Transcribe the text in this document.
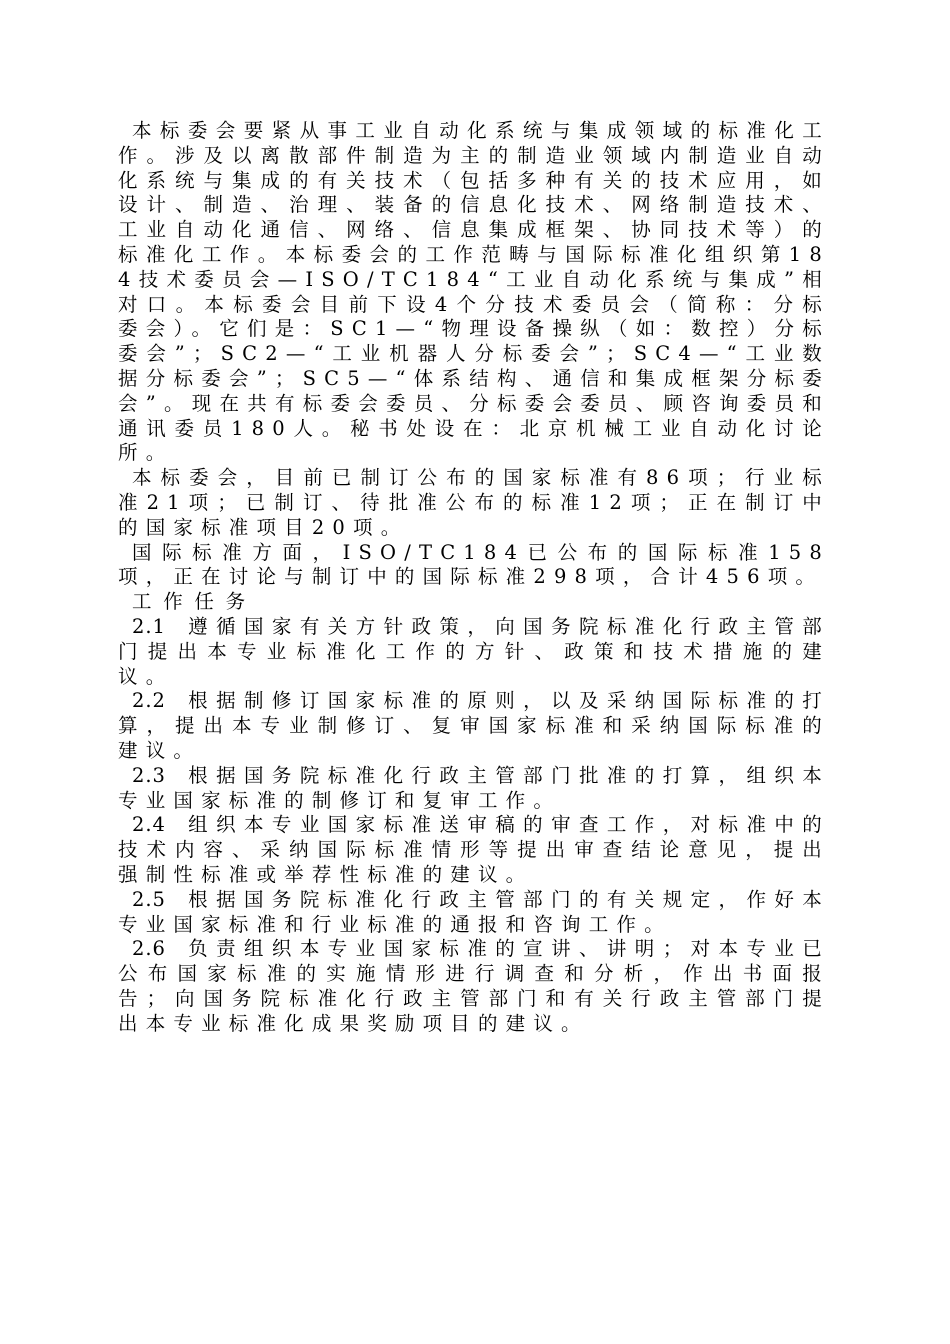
本标委会要紧从事工业自动化系统与集成领域的标准化工作。涉及以离散部件制造为主的制造业领域内制造业自动化系统与集成的有关技术（包括多种有关的技术应用，如设计、制造、治理、装备的信息化技术、网络制造技术、工业自动化通信、网络、信息集成框架、协同技术等）的标准化工作。本标委会的工作范畴与国际标准化组织第184技术委员会—ISO/TC184“工业自动化系统与集成”相对口。本标委会目前下设4个分技术委员会（简称：分标委会）。它们是：SC1—“物理设备操纵（如：数控）分标委会”；SC2—“工业机器人分标委会”；SC4—“工业数据分标委会”；SC5—“体系结构、通信和集成框架分标委会”。现在共有标委会委员、分标委会委员、顾咨询委员和通讯委员180人。秘书处设在：北京机械工业自动化讨论所。

本标委会，目前已制订公布的国家标准有86项；行业标准21项；已制订、待批准公布的标准12项；正在制订中的国家标准项目20项。

国际标准方面，ISO/TC184已公布的国际标准158项，正在讨论与制订中的国际标准298项，合计456项。

工作任务

2.1 遵循国家有关方针政策，向国务院标准化行政主管部门提出本专业标准化工作的方针、政策和技术措施的建议。

2.2 根据制修订国家标准的原则，以及采纳国际标准的打算，提出本专业制修订、复审国家标准和采纳国际标准的建议。

2.3 根据国务院标准化行政主管部门批准的打算，组织本专业国家标准的制修订和复审工作。

2.4 组织本专业国家标准送审稿的审查工作，对标准中的技术内容、采纳国际标准情形等提出审查结论意见，提出强制性标准或举荐性标准的建议。

2.5 根据国务院标准化行政主管部门的有关规定，作好本专业国家标准和行业标准的通报和咨询工作。

2.6 负责组织本专业国家标准的宣讲、讲明；对本专业已公布国家标准的实施情形进行调查和分析，作出书面报告；向国务院标准化行政主管部门和有关行政主管部门提出本专业标准化成果奖励项目的建议。
